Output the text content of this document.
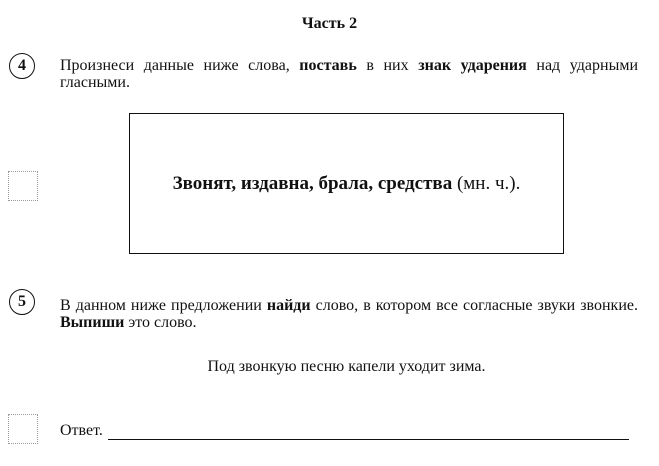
Часть 2
4	Произнеси данные ниже слова, поставь в них знак ударения над ударными гласными.
Звонят, издавна, брала, средства (мн. ч.).
5	В данном ниже предложении найди слово, в котором все согласные звуки звонкие. Выпиши это слово.
Под звонкую песню капели уходит зима.
Ответ.
